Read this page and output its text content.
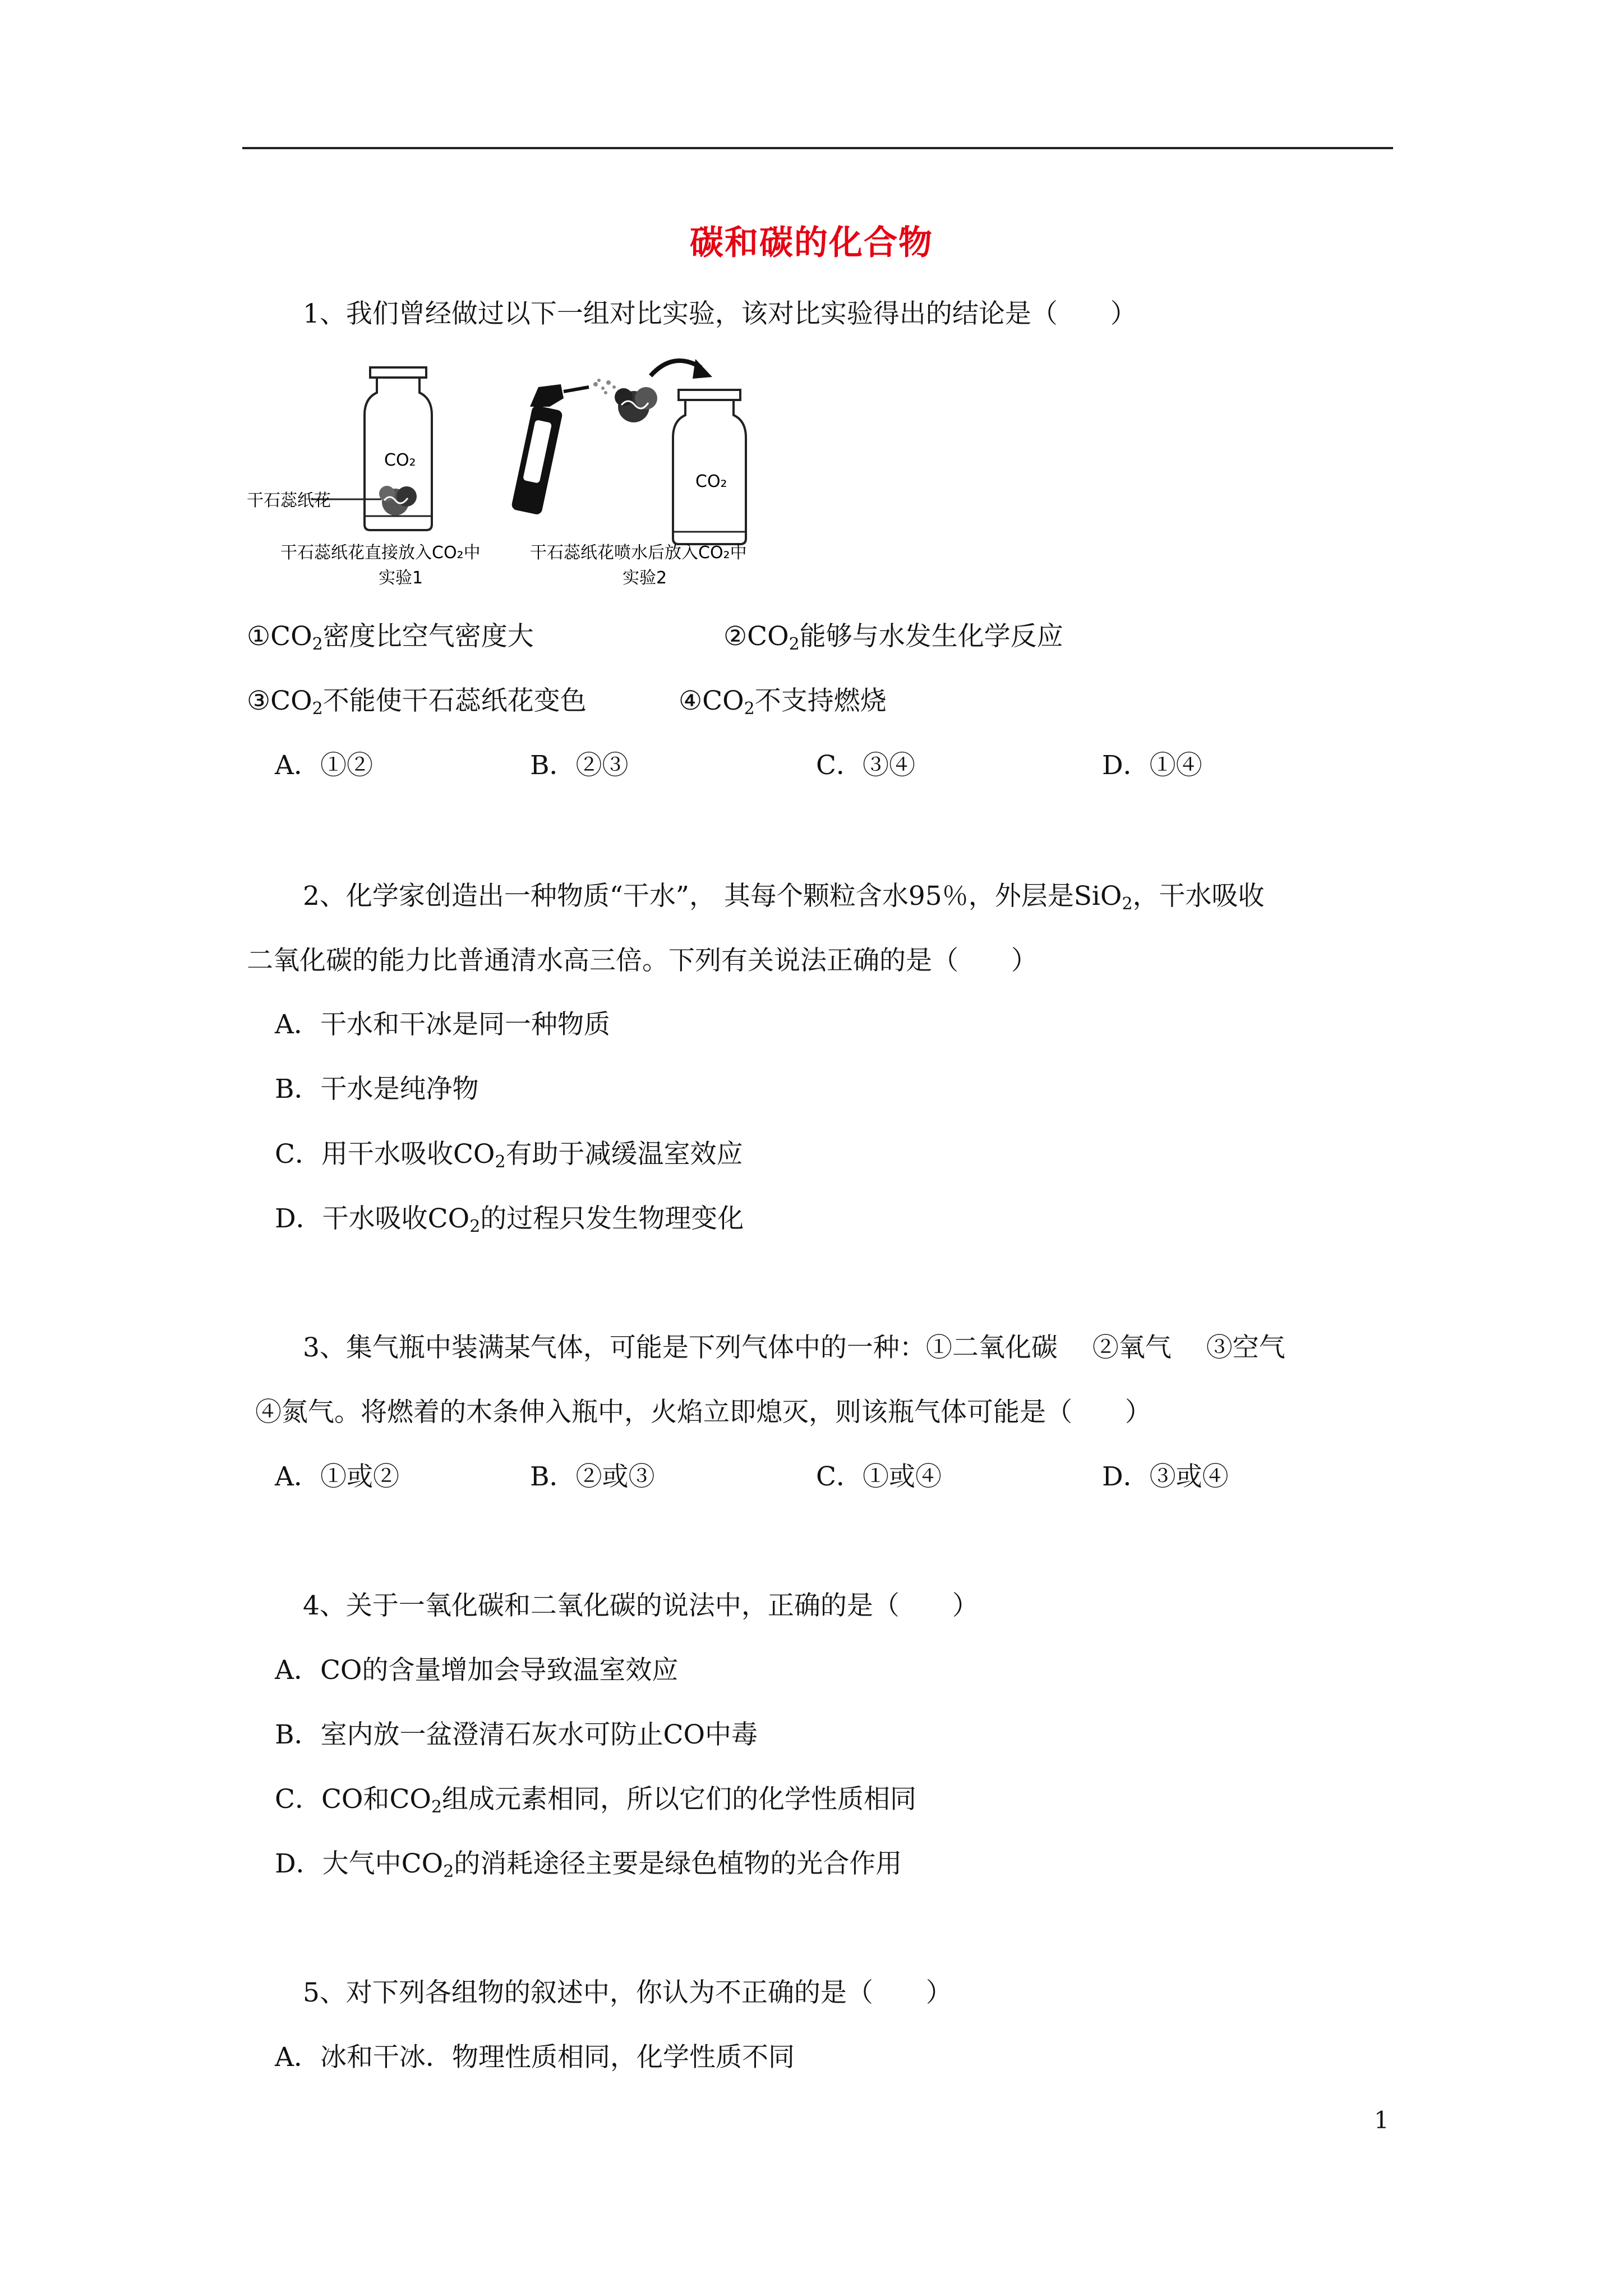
碳和碳的化合物
1、我们曾经做过以下一组对比实验，该对比实验得出的结论是（　　）
CO₂
干石蕊纸花
干石蕊纸花直接放入CO₂中
实验1
CO₂
干石蕊纸花喷水后放入CO₂中
实验2
$①CO_2$密度比空气密度大	$②CO_2$能够与水发生化学反应
$③CO_2$不能使干石蕊纸花变色	$④CO_2$不支持燃烧
A．①②	B．②③	C．③④	D．①④
2、化学家创造出一种物质“干水”， 其每个颗粒含水95％，外层是SiO$_2$，干水吸收
二氧化碳的能力比普通清水高三倍。下列有关说法正确的是（　　）
A．干水和干冰是同一种物质
B．干水是纯净物
C．用干水吸收$CO_2$有助于减缓温室效应
D．干水吸收$CO_2$的过程只发生物理变化
3、集气瓶中装满某气体，可能是下列气体中的一种：①二氧化碳　 ②氧气 　③空气
④氮气。将燃着的木条伸入瓶中，火焰立即熄灭，则该瓶气体可能是（　　）
A．①或②	B．②或③	C．①或④	D．③或④
4、关于一氧化碳和二氧化碳的说法中，正确的是（　　）
A．CO的含量增加会导致温室效应
B．室内放一盆澄清石灰水可防止CO中毒
C．CO和$CO_2$组成元素相同，所以它们的化学性质相同
D．大气中$CO_2$的消耗途径主要是绿色植物的光合作用
5、对下列各组物的叙述中，你认为不正确的是（　　）
A．冰和干冰．物理性质相同，化学性质不同
1
